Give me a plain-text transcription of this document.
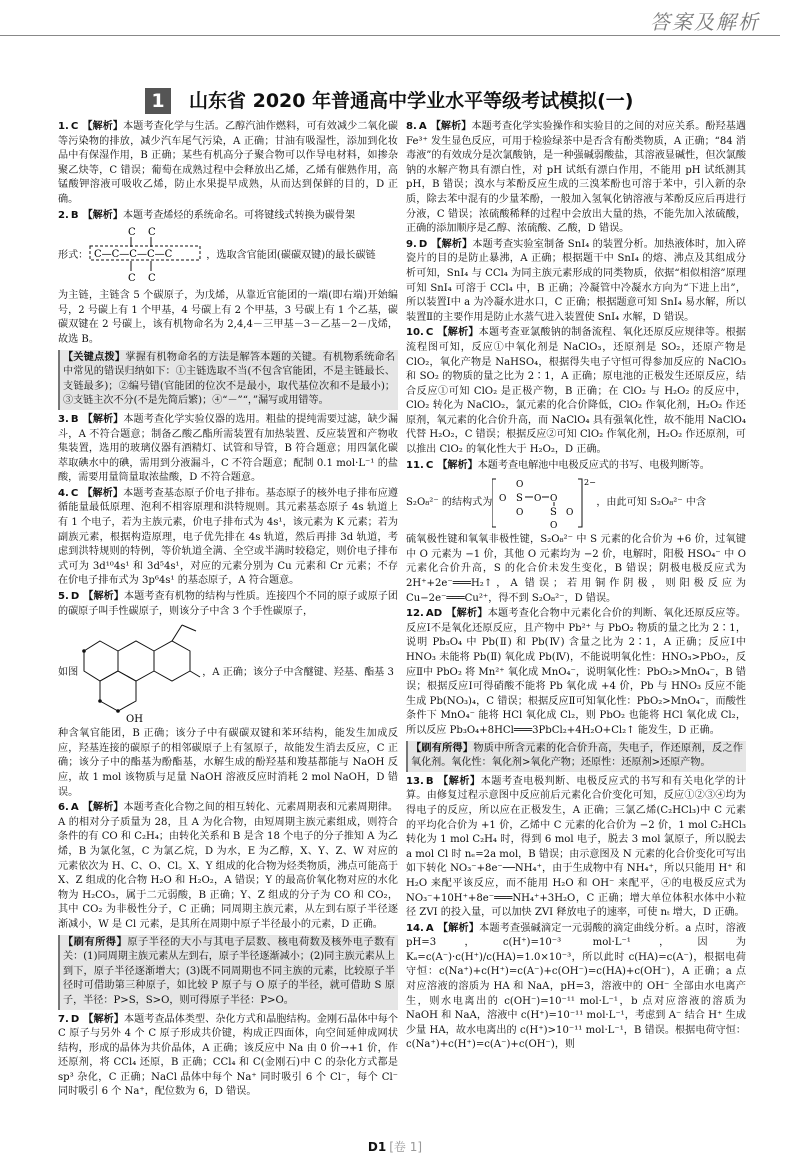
答案及解析
1	山东省 2020 年普通高中学业水平等级考试模拟(一)

1. C 【解析】本题考查化学与生活。乙醇汽油作燃料，可有效减少二氧化碳等污染物的排放，减少汽车尾气污染，A 正确；甘油有吸湿性，添加到化妆品中有保湿作用，B 正确；某些有机高分子聚合物可以作导电材料，如掺杂聚乙炔等，C 错误；葡萄在成熟过程中会释放出乙烯，乙烯有催熟作用，高锰酸钾溶液可吸收乙烯，防止水果提早成熟，从而达到保鲜的目的，D 正确。

2. B 【解析】本题考查烯烃的系统命名。可将键线式转换为碳骨架

形式：
C C
C—C—C—C—C
C C
，选取含官能团(碳碳双键)的最长碳链

为主链，主链含 5 个碳原子，为戊烯，从靠近官能团的一端(即右端)开始编号，2 号碳上有 1 个甲基，4 号碳上有 2 个甲基，3 号碳上有 1 个乙基，碳碳双键在 2 号碳上，该有机物命名为 2,4,4－三甲基－3－乙基－2－戊烯，故选 B。

【关键点拨】掌握有机物命名的方法是解答本题的关键。有机物系统命名中常见的错误归纳如下：①主链选取不当(不包含官能团，不是主链最长、支链最多)；②编号错(官能团的位次不是最小，取代基位次和不是最小)；③支链主次不分(不是先简后繁)；④“－”“，”漏写或用错等。

3. B 【解析】本题考查化学实验仪器的选用。粗盐的提纯需要过滤，缺少漏斗，A 不符合题意；制备乙酸乙酯所需装置有加热装置、反应装置和产物收集装置，选用的玻璃仪器有酒精灯、试管和导管，B 符合题意；用四氯化碳萃取碘水中的碘，需用到分液漏斗，C 不符合题意；配制 0.1 mol·L⁻¹ 的盐酸，需要用量筒量取浓盐酸，D 不符合题意。

4. C 【解析】本题考查基态原子价电子排布。基态原子的核外电子排布应遵循能量最低原理、泡利不相容原理和洪特规则。其元素基态原子 4s 轨道上有 1 个电子，若为主族元素，价电子排布式为 4s¹，该元素为 K 元素；若为副族元素，根据构造原理，电子优先排在 4s 轨道，然后再排 3d 轨道，考虑到洪特规则的特例，等价轨道全满、全空或半满时较稳定，则价电子排布式可为 3d¹⁰4s¹ 和 3d⁵4s¹，对应的元素分别为 Cu 元素和 Cr 元素；不存在价电子排布式为 3p⁶4s¹ 的基态原子，A 符合题意。

5. D 【解析】本题考查有机物的结构与性质。连接四个不同的原子或原子团的碳原子叫手性碳原子，则该分子中含 3 个手性碳原子，

如图
OH
，A 正确；该分子中含醚键、羟基、酯基 3

种含氧官能团，B 正确；该分子中有碳碳双键和苯环结构，能发生加成反应，羟基连接的碳原子的相邻碳原子上有氢原子，故能发生消去反应，C 正确；该分子中的酯基为酚酯基，水解生成的酚羟基和羧基都能与 NaOH 反应，故 1 mol 该物质与足量 NaOH 溶液反应时消耗 2 mol NaOH，D 错误。

6. A 【解析】本题考查化合物之间的相互转化、元素周期表和元素周期律。A 的相对分子质量为 28，且 A 为化合物，由短周期主族元素组成，则符合条件的有 CO 和 C₂H₄；由转化关系和 B 是含 18 个电子的分子推知 A 为乙烯，B 为氯化氢，C 为氯乙烷，D 为水，E 为乙醇，X、Y、Z、W 对应的元素依次为 H、C、O、Cl。X、Y 组成的化合物为烃类物质，沸点可能高于 X、Z 组成的化合物 H₂O 和 H₂O₂，A 错误；Y 的最高价氧化物对应的水化物为 H₂CO₃，属于二元弱酸，B 正确；Y、Z 组成的分子为 CO 和 CO₂，其中 CO₂ 为非极性分子，C 正确；同周期主族元素，从左到右原子半径逐渐减小，W 是 Cl 元素，是其所在周期中原子半径最小的元素，D 正确。

【刷有所得】原子半径的大小与其电子层数、核电荷数及核外电子数有关：(1)同周期主族元素从左到右，原子半径逐渐减小；(2)同主族元素从上到下，原子半径逐渐增大；(3)既不同周期也不同主族的元素，比较原子半径时可借助第三种原子，如比较 P 原子与 O 原子的半径，就可借助 S 原子，半径：P>S，S>O，则可得原子半径：P>O。

7. D 【解析】本题考查晶体类型、杂化方式和晶胞结构。金刚石晶体中每个 C 原子与另外 4 个 C 原子形成共价键，构成正四面体，向空间延伸成网状结构，形成的晶体为共价晶体，A 正确；该反应中 Na 由 0 价→+1 价，作还原剂，将 CCl₄ 还原，B 正确；CCl₄ 和 C(金刚石)中 C 的杂化方式都是 sp³ 杂化，C 正确；NaCl 晶体中每个 Na⁺ 同时吸引 6 个 Cl⁻，每个 Cl⁻ 同时吸引 6 个 Na⁺，配位数为 6，D 错误。

8. A 【解析】本题考查化学实验操作和实验目的之间的对应关系。酚羟基遇 Fe³⁺ 发生显色反应，可用于检验绿茶中是否含有酚类物质，A 正确；“84 消毒液”的有效成分是次氯酸钠，是一种强碱弱酸盐，其溶液显碱性，但次氯酸钠的水解产物具有漂白性，对 pH 试纸有漂白作用，不能用 pH 试纸测其 pH，B 错误；溴水与苯酚反应生成的三溴苯酚也可溶于苯中，引入新的杂质，除去苯中混有的少量苯酚，一般加入氢氧化钠溶液与苯酚反应后再进行分液，C 错误；浓硫酸稀释的过程中会放出大量的热，不能先加入浓硫酸，正确的添加顺序是乙醇、浓硫酸、乙酸，D 错误。

9. D 【解析】本题考查实验室制备 SnI₄ 的装置分析。加热液体时，加入碎瓷片的目的是防止暴沸，A 正确；根据题干中 SnI₄ 的熔、沸点及其组成分析可知，SnI₄ 与 CCl₄ 为同主族元素形成的同类物质，依据“相似相溶”原理可知 SnI₄ 可溶于 CCl₄ 中，B 正确；冷凝管中冷凝水方向为“下进上出”，所以装置Ⅰ中 a 为冷凝水进水口，C 正确；根据题意可知 SnI₄ 易水解，所以装置Ⅱ的主要作用是防止水蒸气进入装置使 SnI₄ 水解，D 错误。

10. C 【解析】本题考查亚氯酸钠的制备流程、氧化还原反应规律等。根据流程图可知，反应①中氧化剂是 NaClO₃，还原剂是 SO₂，还原产物是 ClO₂，氧化产物是 NaHSO₄，根据得失电子守恒可得参加反应的 NaClO₃ 和 SO₂ 的物质的量之比为 2∶1，A 正确；原电池的正极发生还原反应，结合反应①可知 ClO₂ 是正极产物，B 正确；在 ClO₂ 与 H₂O₂ 的反应中，ClO₂ 转化为 NaClO₂，氯元素的化合价降低，ClO₂ 作氧化剂，H₂O₂ 作还原剂，氧元素的化合价升高，而 NaClO₄ 具有强氧化性，故不能用 NaClO₄ 代替 H₂O₂，C 错误；根据反应②可知 ClO₂ 作氧化剂，H₂O₂ 作还原剂，可以推出 ClO₂ 的氧化性大于 H₂O₂，D 正确。

11. C 【解析】本题考查电解池中电极反应式的书写、电极判断等。

S₂O₈²⁻ 的结构式为
2−
S
S
O
O
O	O O
O
O
，由此可知 S₂O₈²⁻ 中含

硫氧极性键和氧氧非极性键，S₂O₈²⁻ 中 S 元素的化合价为 +6 价，过氧键中 O 元素为 −1 价，其他 O 元素均为 −2 价，电解时，阳极 HSO₄⁻ 中 O 元素化合价升高，S 的化合价未发生变化，B 错误；阴极电极反应式为 2H⁺+2e⁻═══H₂↑，A 错误；若用铜作阴极，则阳极反应为 Cu−2e⁻═══Cu²⁺，得不到 S₂O₈²⁻，D 错误。

12. AD 【解析】本题考查化合物中元素化合价的判断、氧化还原反应等。反应Ⅰ不是氧化还原反应，且产物中 Pb²⁺ 与 PbO₂ 物质的量之比为 2∶1，说明 Pb₃O₄ 中 Pb(Ⅱ) 和 Pb(Ⅳ) 含量之比为 2∶1，A 正确；反应Ⅰ中 HNO₃ 未能将 Pb(Ⅱ) 氧化成 Pb(Ⅳ)，不能说明氧化性：HNO₃>PbO₂，反应Ⅱ中 PbO₂ 将 Mn²⁺ 氧化成 MnO₄⁻，说明氧化性：PbO₂>MnO₄⁻，B 错误；根据反应Ⅰ可得硝酸不能将 Pb 氧化成 +4 价，Pb 与 HNO₃ 反应不能生成 Pb(NO₃)₄，C 错误；根据反应Ⅱ可知氧化性：PbO₂>MnO₄⁻，而酸性条件下 MnO₄⁻ 能将 HCl 氧化成 Cl₂，则 PbO₂ 也能将 HCl 氧化成 Cl₂，所以反应 Pb₃O₄+8HCl═══3PbCl₂+4H₂O+Cl₂↑ 能发生，D 正确。

【刷有所得】物质中所含元素的化合价升高，失电子，作还原剂，反之作氧化剂。氧化性：氧化剂>氧化产物；还原性：还原剂>还原产物。

13. B 【解析】本题考查电极判断、电极反应式的书写和有关电化学的计算。由修复过程示意图中反应前后元素化合价变化可知，反应①②③④均为得电子的反应，所以应在正极发生，A 正确；三氯乙烯(C₂HCl₃)中 C 元素的平均化合价为 +1 价，乙烯中 C 元素的化合价为 −2 价，1 mol C₂HCl₃ 转化为 1 mol C₂H₄ 时，得到 6 mol 电子，脱去 3 mol 氯原子，所以脱去 a mol Cl 时 nₑ=2a mol，B 错误；由示意图及 N 元素的化合价变化可写出如下转化 NO₃⁻+8e⁻──NH₄⁺，由于生成物中有 NH₄⁺，所以只能用 H⁺ 和 H₂O 来配平该反应，而不能用 H₂O 和 OH⁻ 来配平，④的电极反应式为 NO₃⁻+10H⁺+8e⁻═══NH₄⁺+3H₂O，C 正确；增大单位体积水体中小粒径 ZVI 的投入量，可以加快 ZVI 释放电子的速率，可使 nₜ 增大，D 正确。

14. A 【解析】本题考查强碱滴定一元弱酸的滴定曲线分析。a 点时，溶液 pH=3，c(H⁺)=10⁻³ mol·L⁻¹，因为 Kₐ=c(A⁻)·c(H⁺)/c(HA)=1.0×10⁻³，所以此时 c(HA)=c(A⁻)，根据电荷守恒：c(Na⁺)+c(H⁺)=c(A⁻)+c(OH⁻)=c(HA)+c(OH⁻)，A 正确；a 点对应溶液的溶质为 HA 和 NaA，pH=3，溶液中的 OH⁻ 全部由水电离产生，则水电离出的 c(OH⁻)=10⁻¹¹ mol·L⁻¹，b 点对应溶液的溶质为 NaOH 和 NaA，溶液中 c(H⁺)=10⁻¹¹ mol·L⁻¹，考虑到 A⁻ 结合 H⁺ 生成少量 HA，故水电离出的 c(H⁺)>10⁻¹¹ mol·L⁻¹，B 错误。根据电荷守恒：c(Na⁺)+c(H⁺)=c(A⁻)+c(OH⁻)，则

D1 [卷 1]
